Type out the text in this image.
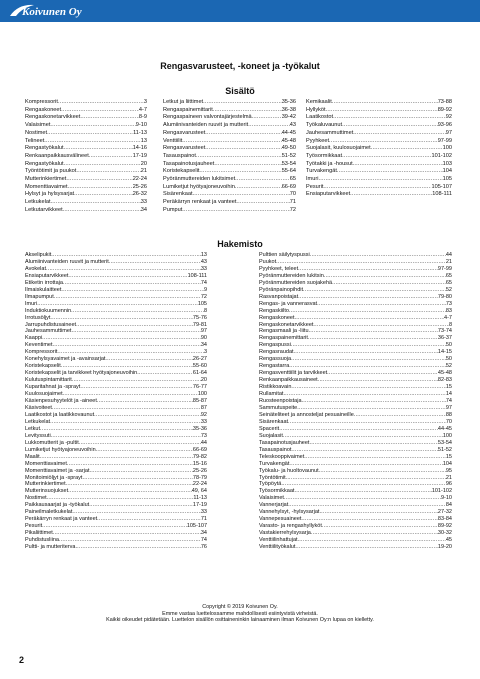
Koivunen Oy
Rengasvarusteet, -koneet ja -työkalut
Sisältö
Kompressorit .....	3
Rengaskoneet .....	4-7
Rengaskonetarvikkeet .....	8-9
Valaisimet .....	9-10
Nostimet .....	11-13
Telineet .....	13
Rengastyökalut .....	14-16
Renkaanpaikkausvälineet .....	17-19
Rengastyökalut .....	20
Työntötimit ja puukot .....	21
Mutterinkiertimet .....	22-24
Momenttiavaimet .....	25-26
Hylsyt ja hylsysarjat .....	26-32
Letkukelat .....	33
Letkutarvikkeet .....	34
Letkut ja liittimet .....	35-36
Rengaspainemittarit .....	36-38
Rengaspaineen valvontajärjestelmä .....	39-42
Alumiinivanteiden ruuvit ja mutterit .....	43
Rengasvarusteet .....	44-45
Venttiilit .....	45-48
Rengasvarusteet .....	49-50
Tasauspainot .....	51-52
Tasapainotusjauheet .....	53-54
Koristekapselit .....	55-64
Pyöränmuttereiden lukitsimet .....	65
Lumiketjut hyötyajoneuvoihin .....	66-69
Sisärenkaat .....	70
Peräkärryn renkaat ja vanteet .....	71
Pumput .....	72
Kemikaalit .....	73-88
Hyllyköt .....	89-92
Laatikostot .....	92
Työkaluvaunut .....	93-96
Jauhesammuttimet .....	97
Pyyhkeet .....	97-99
Suojalasit, kuulosuojaimet .....	100
Työsormikkaat .....	101-102
Työtakki ja -housut .....	103
Turvakengät .....	104
Imuri .....	105
Pesurit .....	105-107
Ensiaputarvikkeet .....	108-111
Hakemisto
Akselipukit .....	13
Alumiinivanteiden ruuvit ja mutterit .....	43
Avokelat .....	33
Ensiaputarvikkeet .....	108-111
Etiketin irrottaja .....	74
Ilmaiskulaitteet .....	9
Ilmapumput .....	72
Imuri .....	105
Induktiokuumennin .....	8
Irrotusöljyt .....	75-76
Jarrupuhdistusaineet .....	79-81
Jauhesammuttimet .....	97
Kaappi .....	90
Keventimet .....	34
Kompressorit .....	3
Konehylsyavaimet ja -avainsarjat .....	26-27
Koristekapselit .....	55-60
Koristekapselit ja tarvikkeet hyötyajoneuvoihin .....	61-64
Kulutuspintamittarit .....	20
Kuparitahnat ja -sprayt .....	76-77
Kuulosuojaimet .....	100
Käsienpesuhyytelöt ja -aineet .....	85-87
Käsivoiteet .....	87
Laatikostot ja laatikkovaunut .....	92
Letkukelat .....	33
Letkut .....	35-36
Levityssuti .....	73
Lukkomutterit ja -pultit .....	44
Lumiketjut hyötyajoneuvoihin .....	66-69
Maalit .....	79-82
Momenttiavaimet .....	15-16
Momenttiavaimet ja -sarjat .....	25-26
Monitoimiöljyt ja -sprayt .....	78-79
Mutterinkiertimet .....	22-24
Mutterinsuojukset .....	49, 64
Nostimet .....	11-13
Paikkausaarjat ja -työkalut .....	17-19
Paineilmaletkukelat .....	33
Peräkärryn renkaat ja vanteet .....	71
Pesurit .....	105-107
Pikaliittimet .....	34
Puhdistusliina .....	74
Pultti- ja mutteriterva .....	76
Pulttien säilytyspussi .....	44
Puukot .....	21
Pyyhkeet, teleet .....	97-99
Pyöränmuttereiden lukitsin .....	65
Pyöränmuttereiden suojakehä .....	65
Pyöränpainopihdit .....	52
Rasvanpoistajat .....	79-80
Rengas- ja vannerasvat .....	73
Rengaskiilto .....	83
Rengaskoneet .....	4-7
Rengaskonetarvikkeet .....	8
Rengasmaali ja -liitu .....	73-74
Rengaspainemittarit .....	36-37
Rengaspussi .....	50
Rengasraudat .....	14-15
Rengassuoja .....	50
Rengastarra .....	52
Rengasventtiilit ja tarvikkeet .....	45-48
Renkaanpaikkausaineet .....	82-83
Ristikkoavain .....	15
Rullamitat .....	14
Ruosteenpoistaja .....	74
Sammutuspeite .....	97
Seinäteliteet ja annosteljat pesuaineille .....	88
Sisärenkaat .....	70
Spacerit .....	44-45
Suojalasit .....	100
Tasapainotusjauheet .....	53-54
Tasauspainot .....	51-52
Teleskooppivaimet .....	15
Turvakengät .....	104
Työkalu- ja huoltovaunut .....	95
Työntötimit .....	21
Työpöytä .....	96
Työsormikkaat .....	101-102
Valaisimet .....	9-10
Vannerjarjat .....	84
Vannehylsyt, -hylsysarjat .....	27-32
Vannepesuaineet .....	83-84
Varasto- ja rengashyllyköt .....	89-92
Vastakierrehylsysarja .....	30-32
Venttiilinhattujat .....	45
Venttiilityökalut .....	19-20
Copyright © 2019 Koivunen Oy.
Emme vastaa luettelossamme mahdollisesti esiintyvistä virheistä.
Kaikki oikeudet pidätetään. Luettelon sisällön osittaineninkin lainaaminen ilman Koivunen Oy:n lupaa on kielletty.
2
